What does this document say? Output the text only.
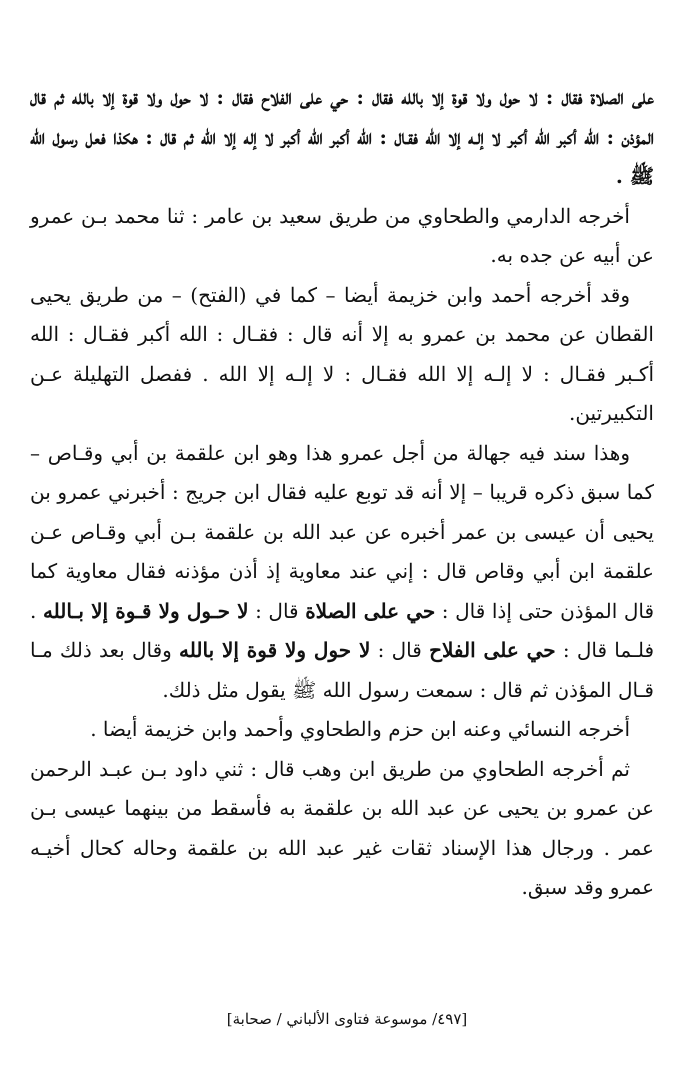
على الصلاة فقال : لا حول ولا قوة إلا بالله فقال : حي على الفلاح فقال : لا حول ولا قوة إلا بالله ثم قال المؤذن : الله أكبر الله أكبر لا إلـه إلا الله فقـال : الله أكبر الله أكبر لا إله إلا الله ثم قال : هكذا فعل رسول الله ﷺ .

أخرجه الدارمي والطحاوي من طريق سعيد بن عامر : ثنا محمد بـن عمرو عن أبيه عن جده به.

وقد أخرجه أحمد وابن خزيمة أيضا – كما في (الفتح) – من طريق يحيى القطان عن محمد بن عمرو به إلا أنه قال : فقـال : الله أكبر فقـال : الله أكـبر فقـال : لا إلـه إلا الله فقـال : لا إلـه إلا الله . ففصل التهليلة عـن التكبيرتين.

وهذا سند فيه جهالة من أجل عمرو هذا وهو ابن علقمة بن أبي وقـاص – كما سبق ذكره قريبا – إلا أنه قد توبع عليه فقال ابن جريج : أخبرني عمرو بن يحيى أن عيسى بن عمر أخبره عن عبد الله بن علقمة بـن أبي وقـاص عـن علقمة ابن أبي وقاص قال : إني عند معاوية إذ أذن مؤذنه فقال معاوية كما قال المؤذن حتى إذا قال : حي على الصلاة قال : لا حـول ولا قـوة إلا بـالله . فلـما قال : حي على الفلاح قال : لا حول ولا قوة إلا بالله وقال بعد ذلك مـا قـال المؤذن ثم قال : سمعت رسول الله ﷺ يقول مثل ذلك.

أخرجه النسائي وعنه ابن حزم والطحاوي وأحمد وابن خزيمة أيضا .

ثم أخرجه الطحاوي من طريق ابن وهب قال : ثني داود بـن عبـد الرحمن عن عمرو بن يحيى عن عبد الله بن علقمة به فأسقط من بينهما عيسى بـن عمر . ورجال هذا الإسناد ثقات غير عبد الله بن علقمة وحاله كحال أخيـه عمرو وقد سبق.

[٤٩٧/ موسوعة فتاوى الألباني / صحابة]
